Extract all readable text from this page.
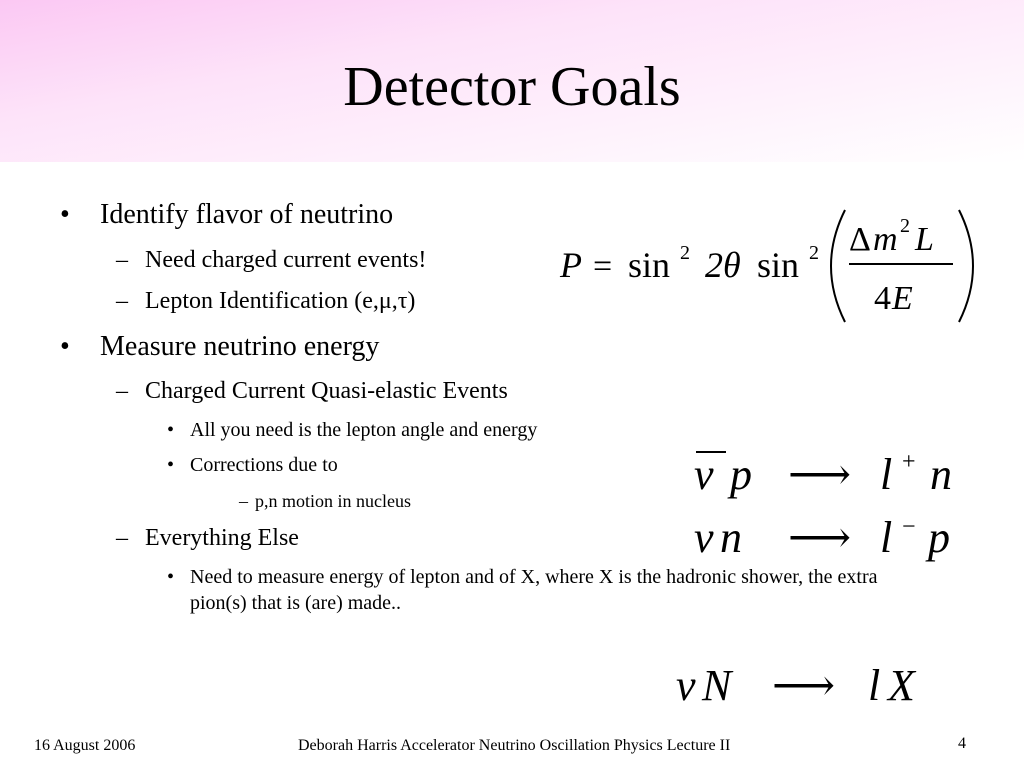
Detector Goals
• Identify flavor of neutrino
– Need charged current events!
– Lepton Identification (e,μ,τ)
• Measure neutrino energy
– Charged Current Quasi-elastic Events
• All you need is the lepton angle and energy
• Corrections due to
– p,n motion in nucleus
– Everything Else
• Need to measure energy of lepton and of X, where X is the hadronic shower, the extra pion(s) that is (are) made..
P = sin 2 2θ sin 2 Δ m 2 L
4 E
ν p ⟶ l + n
ν n ⟶ l − p
ν N ⟶ l X
16 August 2006	Deborah Harris Accelerator Neutrino Oscillation Physics Lecture II	4
